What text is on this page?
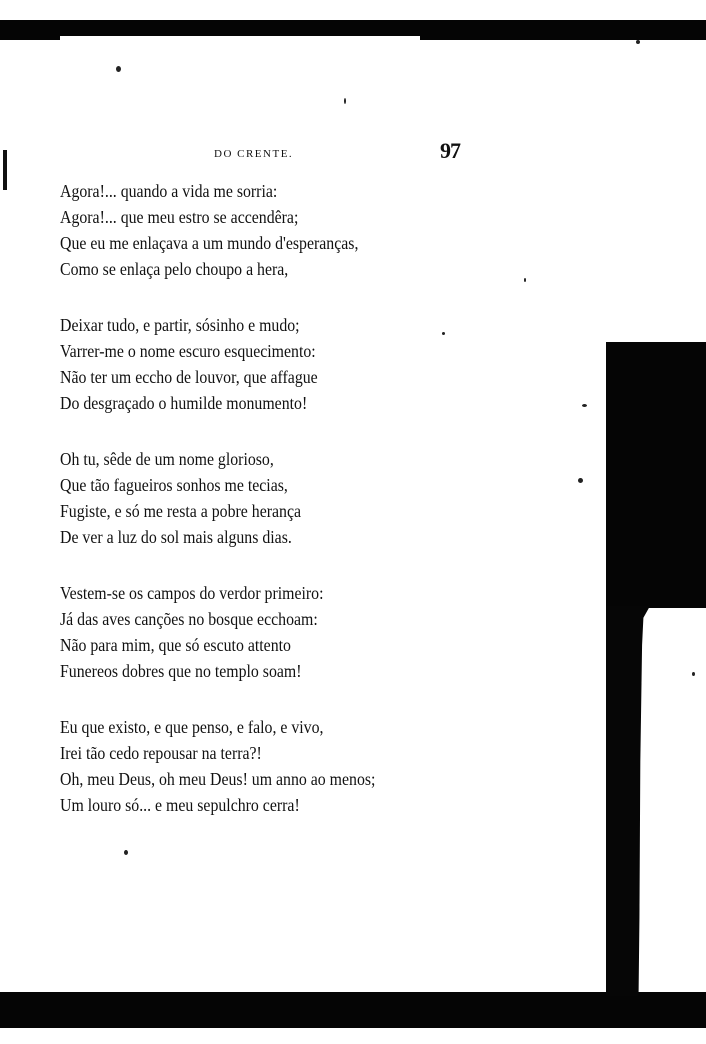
DO CRENTE.	97
Agora!... quando a vida me sorria:
Agora!... que meu estro se accendêra;
Que eu me enlaçava a um mundo d'esperanças,
Como se enlaça pelo choupo a hera,
Deixar tudo, e partir, sósinho e mudo;
Varrer-me o nome escuro esquecimento:
Não ter um eccho de louvor, que affague
Do desgraçado o humilde monumento!
Oh tu, sêde de um nome glorioso,
Que tão fagueiros sonhos me tecias,
Fugiste, e só me resta a pobre herança
De ver a luz do sol mais alguns dias.
Vestem-se os campos do verdor primeiro:
Já das aves canções no bosque ecchoam:
Não para mim, que só escuto attento
Funereos dobres que no templo soam!
Eu que existo, e que penso, e falo, e vivo,
Irei tão cedo repousar na terra?!
Oh, meu Deus, oh meu Deus! um anno ao menos;
Um louro só... e meu sepulchro cerra!
